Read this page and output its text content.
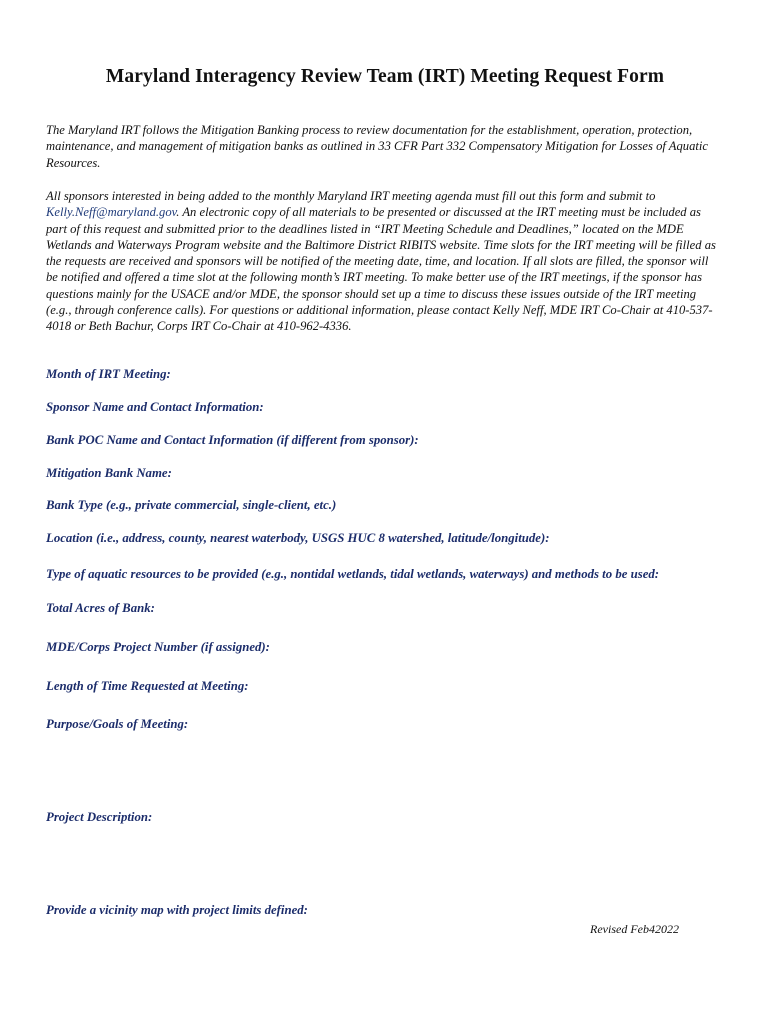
Maryland Interagency Review Team (IRT) Meeting Request Form
The Maryland IRT follows the Mitigation Banking process to review documentation for the establishment, operation, protection, maintenance, and management of mitigation banks as outlined in 33 CFR Part 332 Compensatory Mitigation for Losses of Aquatic Resources.
All sponsors interested in being added to the monthly Maryland IRT meeting agenda must fill out this form and submit to Kelly.Neff@maryland.gov. An electronic copy of all materials to be presented or discussed at the IRT meeting must be included as part of this request and submitted prior to the deadlines listed in “IRT Meeting Schedule and Deadlines,” located on the MDE Wetlands and Waterways Program website and the Baltimore District RIBITS website. Time slots for the IRT meeting will be filled as the requests are received and sponsors will be notified of the meeting date, time, and location. If all slots are filled, the sponsor will be notified and offered a time slot at the following month’s IRT meeting. To make better use of the IRT meetings, if the sponsor has questions mainly for the USACE and/or MDE, the sponsor should set up a time to discuss these issues outside of the IRT meeting (e.g., through conference calls). For questions or additional information, please contact Kelly Neff, MDE IRT Co-Chair at 410-537-4018 or Beth Bachur, Corps IRT Co-Chair at 410-962-4336.
Month of IRT Meeting:
Sponsor Name and Contact Information:
Bank POC Name and Contact Information (if different from sponsor):
Mitigation Bank Name:
Bank Type (e.g., private commercial, single-client, etc.)
Location (i.e., address, county, nearest waterbody, USGS HUC 8 watershed, latitude/longitude):
Type of aquatic resources to be provided (e.g., nontidal wetlands, tidal wetlands, waterways) and methods to be used:
Total Acres of Bank:
MDE/Corps Project Number (if assigned):
Length of Time Requested at Meeting:
Purpose/Goals of Meeting:
Project Description:
Provide a vicinity map with project limits defined:
Revised Feb42022
